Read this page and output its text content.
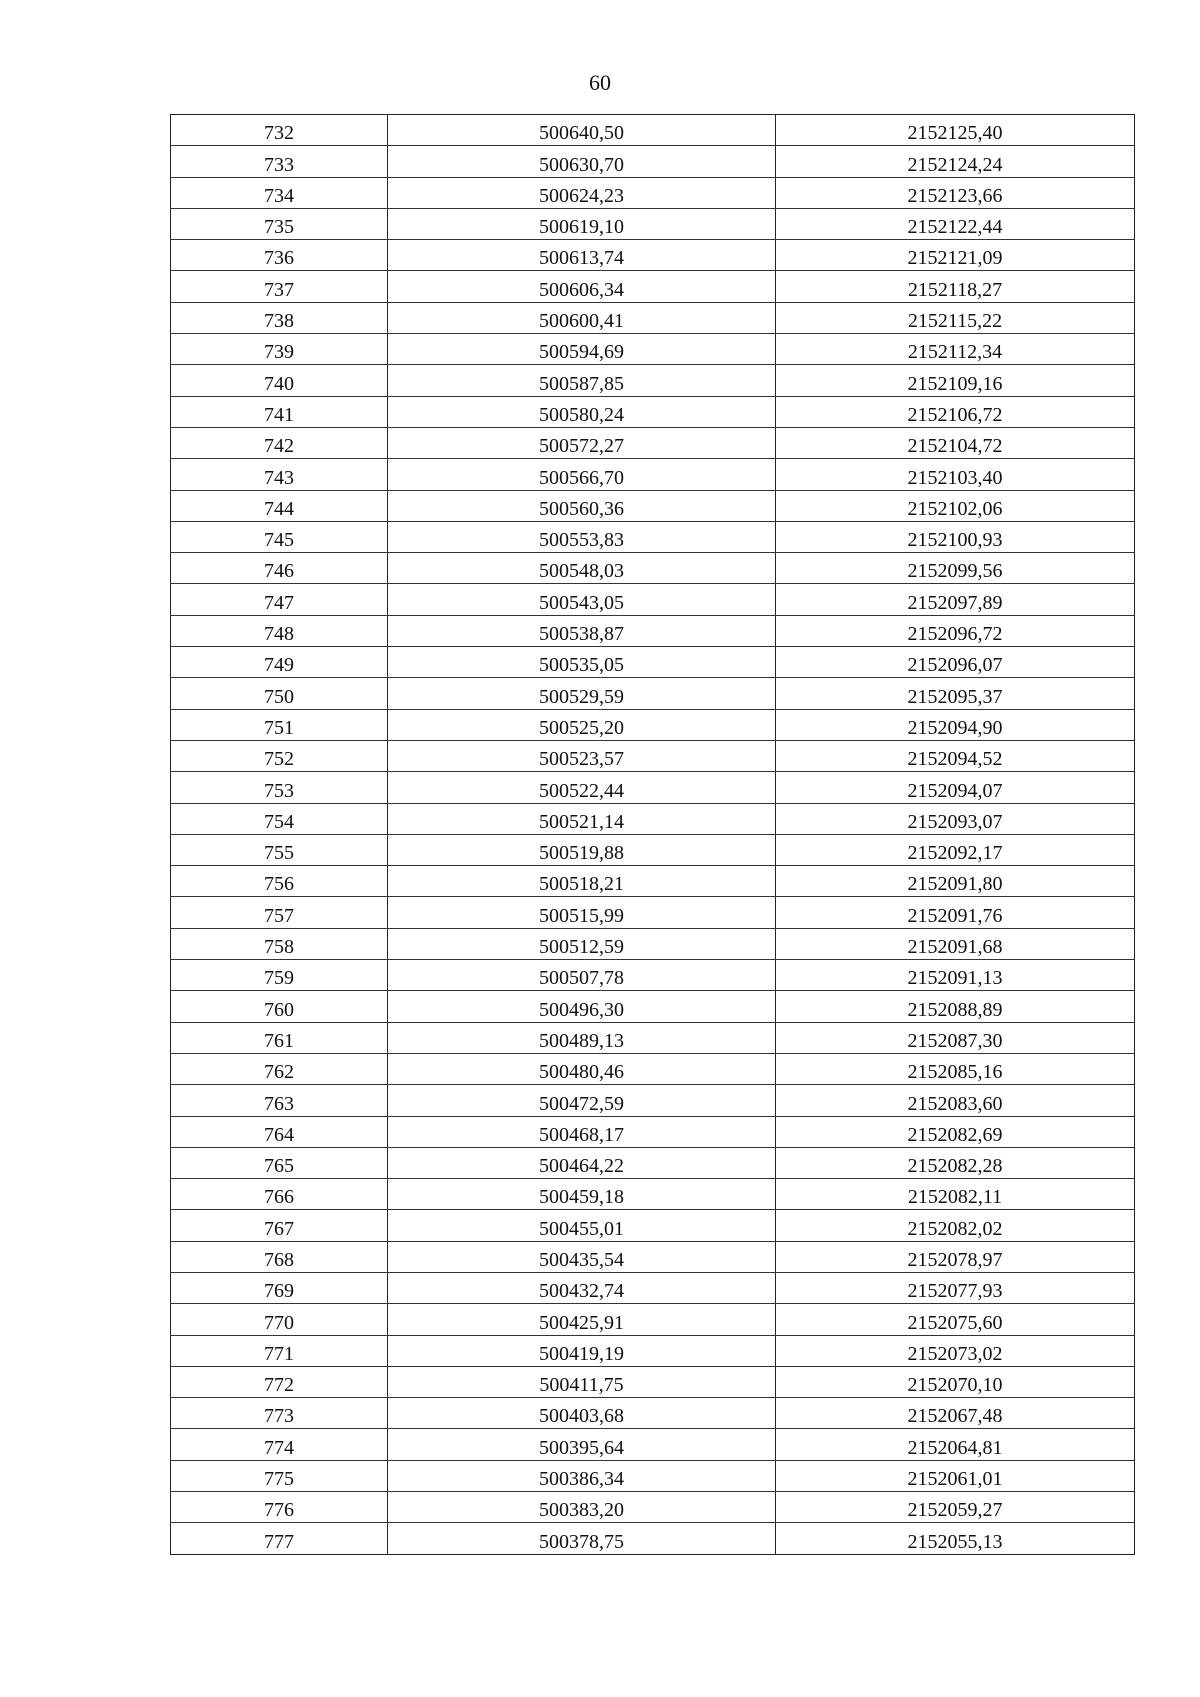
60
732	500640,50	2152125,40
733	500630,70	2152124,24
734	500624,23	2152123,66
735	500619,10	2152122,44
736	500613,74	2152121,09
737	500606,34	2152118,27
738	500600,41	2152115,22
739	500594,69	2152112,34
740	500587,85	2152109,16
741	500580,24	2152106,72
742	500572,27	2152104,72
743	500566,70	2152103,40
744	500560,36	2152102,06
745	500553,83	2152100,93
746	500548,03	2152099,56
747	500543,05	2152097,89
748	500538,87	2152096,72
749	500535,05	2152096,07
750	500529,59	2152095,37
751	500525,20	2152094,90
752	500523,57	2152094,52
753	500522,44	2152094,07
754	500521,14	2152093,07
755	500519,88	2152092,17
756	500518,21	2152091,80
757	500515,99	2152091,76
758	500512,59	2152091,68
759	500507,78	2152091,13
760	500496,30	2152088,89
761	500489,13	2152087,30
762	500480,46	2152085,16
763	500472,59	2152083,60
764	500468,17	2152082,69
765	500464,22	2152082,28
766	500459,18	2152082,11
767	500455,01	2152082,02
768	500435,54	2152078,97
769	500432,74	2152077,93
770	500425,91	2152075,60
771	500419,19	2152073,02
772	500411,75	2152070,10
773	500403,68	2152067,48
774	500395,64	2152064,81
775	500386,34	2152061,01
776	500383,20	2152059,27
777	500378,75	2152055,13
